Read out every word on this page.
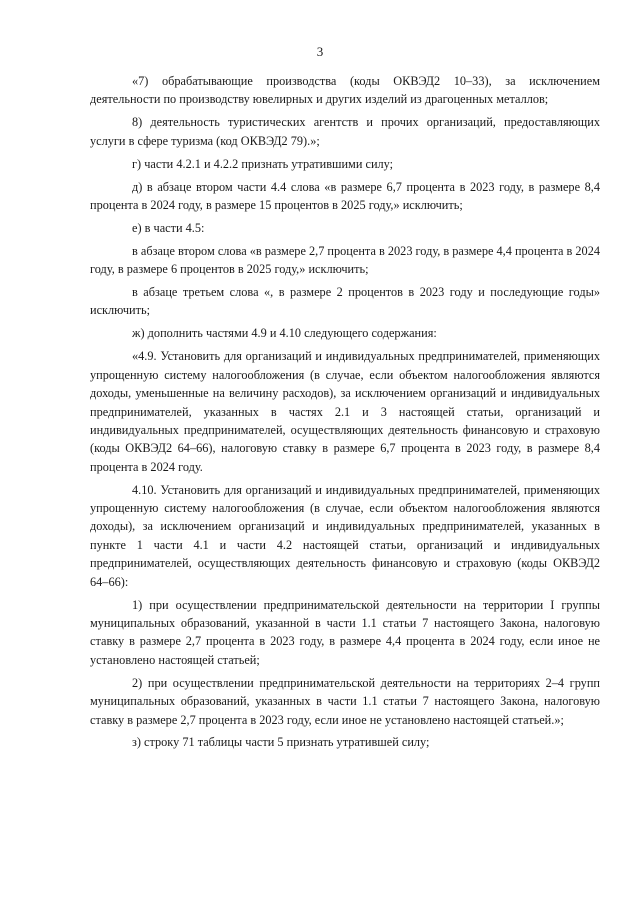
3

«7) обрабатывающие производства (коды ОКВЭД2 10–33), за исключением деятельности по производству ювелирных и других изделий из драгоценных металлов;

8) деятельность туристических агентств и прочих организаций, предоставляющих услуги в сфере туризма (код ОКВЭД2 79).»;

г) части 4.2.1 и 4.2.2 признать утратившими силу;

д) в абзаце втором части 4.4 слова «в размере 6,7 процента в 2023 году, в размере 8,4 процента в 2024 году, в размере 15 процентов в 2025 году,» исключить;

е) в части 4.5:

в абзаце втором слова «в размере 2,7 процента в 2023 году, в размере 4,4 процента в 2024 году, в размере 6 процентов в 2025 году,» исключить;

в абзаце третьем слова «, в размере 2 процентов в 2023 году и последующие годы» исключить;

ж) дополнить частями 4.9 и 4.10 следующего содержания:

«4.9. Установить для организаций и индивидуальных предпринимателей, применяющих упрощенную систему налогообложения (в случае, если объектом налогообложения являются доходы, уменьшенные на величину расходов), за исключением организаций и индивидуальных предпринимателей, указанных в частях 2.1 и 3 настоящей статьи, организаций и индивидуальных предпринимателей, осуществляющих деятельность финансовую и страховую (коды ОКВЭД2 64–66), налоговую ставку в размере 6,7 процента в 2023 году, в размере 8,4 процента в 2024 году.

4.10. Установить для организаций и индивидуальных предпринимателей, применяющих упрощенную систему налогообложения (в случае, если объектом налогообложения являются доходы), за исключением организаций и индивидуальных предпринимателей, указанных в пункте 1 части 4.1 и части 4.2 настоящей статьи, организаций и индивидуальных предпринимателей, осуществляющих деятельность финансовую и страховую (коды ОКВЭД2 64–66):

1) при осуществлении предпринимательской деятельности на территории I группы муниципальных образований, указанной в части 1.1 статьи 7 настоящего Закона, налоговую ставку в размере 2,7 процента в 2023 году, в размере 4,4 процента в 2024 году, если иное не установлено настоящей статьей;

2) при осуществлении предпринимательской деятельности на территориях 2–4 групп муниципальных образований, указанных в части 1.1 статьи 7 настоящего Закона, налоговую ставку в размере 2,7 процента в 2023 году, если иное не установлено настоящей статьей.»;

з) строку 71 таблицы части 5 признать утратившей силу;
